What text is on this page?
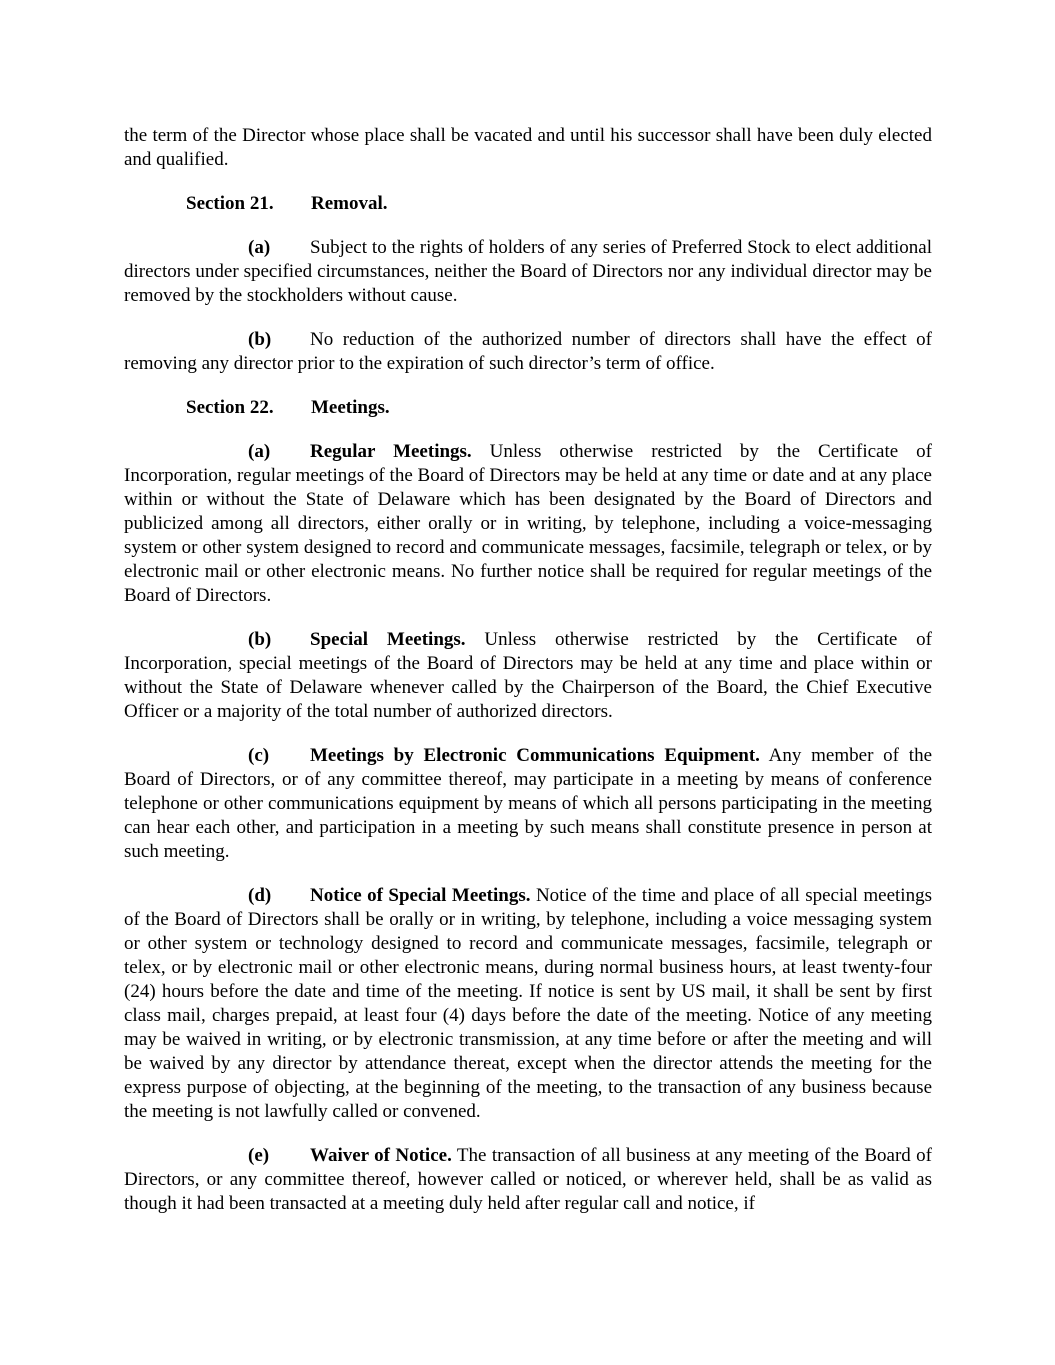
the term of the Director whose place shall be vacated and until his successor shall have been duly elected and qualified.

Section 21. Removal.

(a) Subject to the rights of holders of any series of Preferred Stock to elect additional directors under specified circumstances, neither the Board of Directors nor any individual director may be removed by the stockholders without cause.

(b) No reduction of the authorized number of directors shall have the effect of removing any director prior to the expiration of such director’s term of office.

Section 22. Meetings.

(a) Regular Meetings. Unless otherwise restricted by the Certificate of Incorporation, regular meetings of the Board of Directors may be held at any time or date and at any place within or without the State of Delaware which has been designated by the Board of Directors and publicized among all directors, either orally or in writing, by telephone, including a voice-messaging system or other system designed to record and communicate messages, facsimile, telegraph or telex, or by electronic mail or other electronic means. No further notice shall be required for regular meetings of the Board of Directors.

(b) Special Meetings. Unless otherwise restricted by the Certificate of Incorporation, special meetings of the Board of Directors may be held at any time and place within or without the State of Delaware whenever called by the Chairperson of the Board, the Chief Executive Officer or a majority of the total number of authorized directors.

(c) Meetings by Electronic Communications Equipment. Any member of the Board of Directors, or of any committee thereof, may participate in a meeting by means of conference telephone or other communications equipment by means of which all persons participating in the meeting can hear each other, and participation in a meeting by such means shall constitute presence in person at such meeting.

(d) Notice of Special Meetings. Notice of the time and place of all special meetings of the Board of Directors shall be orally or in writing, by telephone, including a voice messaging system or other system or technology designed to record and communicate messages, facsimile, telegraph or telex, or by electronic mail or other electronic means, during normal business hours, at least twenty-four (24) hours before the date and time of the meeting. If notice is sent by US mail, it shall be sent by first class mail, charges prepaid, at least four (4) days before the date of the meeting. Notice of any meeting may be waived in writing, or by electronic transmission, at any time before or after the meeting and will be waived by any director by attendance thereat, except when the director attends the meeting for the express purpose of objecting, at the beginning of the meeting, to the transaction of any business because the meeting is not lawfully called or convened.

(e) Waiver of Notice. The transaction of all business at any meeting of the Board of Directors, or any committee thereof, however called or noticed, or wherever held, shall be as valid as though it had been transacted at a meeting duly held after regular call and notice, if
